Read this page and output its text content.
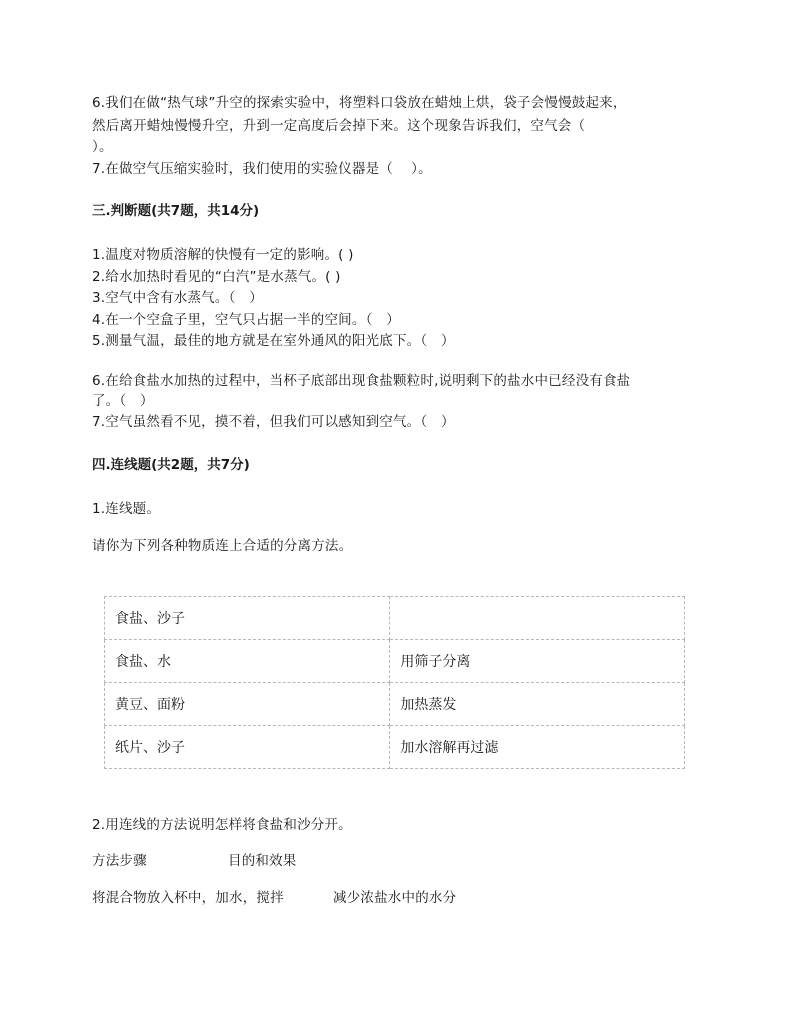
6.我们在做“热气球”升空的探索实验中，将塑料口袋放在蜡烛上烘，袋子会慢慢鼓起来，
然后离开蜡烛慢慢升空，升到一定高度后会掉下来。这个现象告诉我们，空气会（
）。
7.在做空气压缩实验时，我们使用的实验仪器是（　 ）。
三.判断题(共7题，共14分)
1.温度对物质溶解的快慢有一定的影响。( )
2.给水加热时看见的“白汽”是水蒸气。( )
3.空气中含有水蒸气。（　）
4.在一个空盒子里，空气只占据一半的空间。（　）
5.测量气温，最佳的地方就是在室外通风的阳光底下。（　）
6.在给食盐水加热的过程中，当杯子底部出现食盐颗粒时,说明剩下的盐水中已经没有食盐
了。（　）
7.空气虽然看不见，摸不着，但我们可以感知到空气。（　）
四.连线题(共2题，共7分)
1.连线题。
请你为下列各种物质连上合适的分离方法。
食盐、沙子	
食盐、水	用筛子分离
黄豆、面粉	加热蒸发
纸片、沙子	加水溶解再过滤
2.用连线的方法说明怎样将食盐和沙分开。
方法步骤	目的和效果
将混合物放入杯中，加水，搅拌	减少浓盐水中的水分
